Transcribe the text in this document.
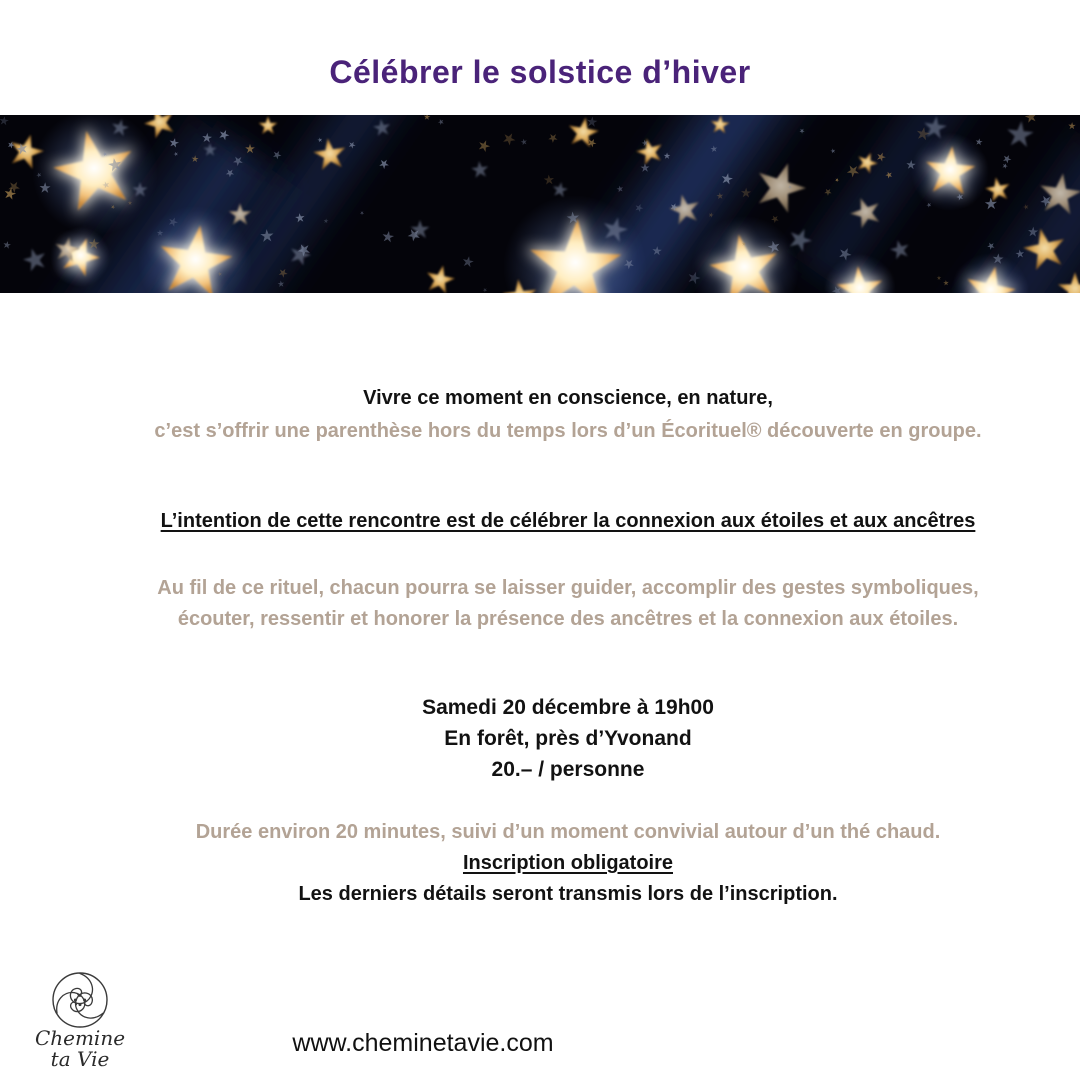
Célébrer le solstice d’hiver
Vivre ce moment en conscience, en nature,
c’est s’offrir une parenthèse hors du temps lors d’un Écorituel® découverte en groupe.
L’intention de cette rencontre est de célébrer la connexion aux étoiles et aux ancêtres
Au fil de ce rituel, chacun pourra se laisser guider, accomplir des gestes symboliques,
écouter, ressentir et honorer la présence des ancêtres et la connexion aux étoiles.
Samedi 20 décembre à 19h00
En forêt, près d’Yvonand
20.– / personne
Durée environ 20 minutes, suivi d’un moment convivial autour d’un thé chaud.
Inscription obligatoire
Les derniers détails seront transmis lors de l’inscription.
Chemine
ta Vie
www.cheminetavie.com
